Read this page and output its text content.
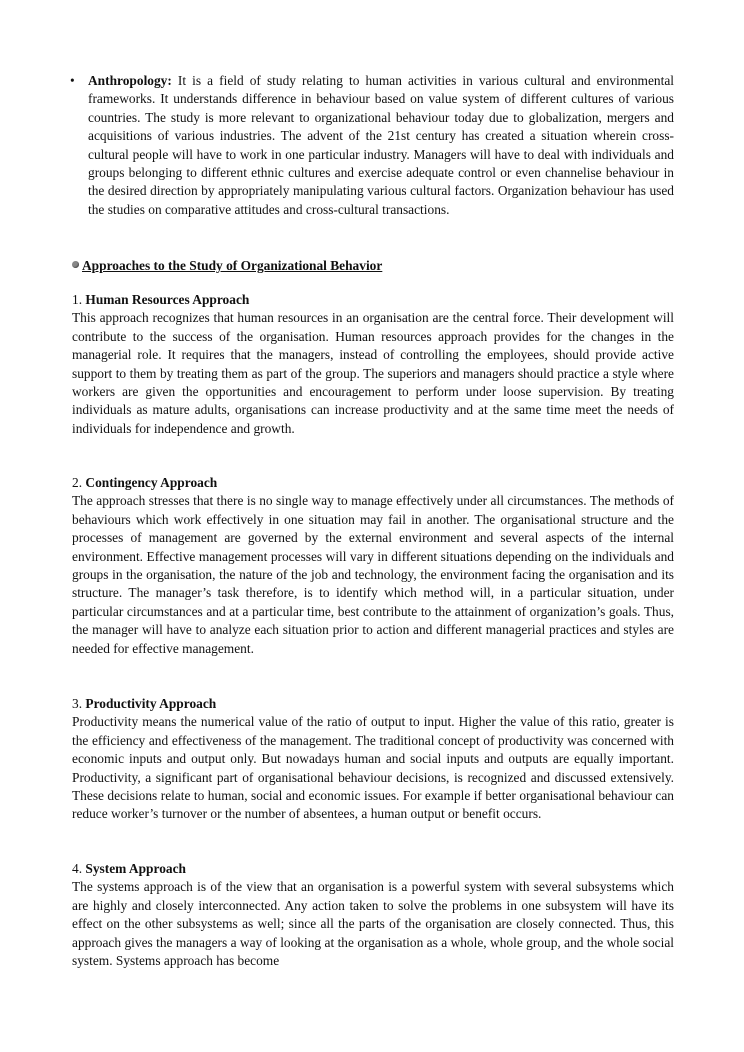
• Anthropology: It is a field of study relating to human activities in various cultural and environmental frameworks. It understands difference in behaviour based on value system of different cultures of various countries. The study is more relevant to organizational behaviour today due to globalization, mergers and acquisitions of various industries. The advent of the 21st century has created a situation wherein cross-cultural people will have to work in one particular industry. Managers will have to deal with individuals and groups belonging to different ethnic cultures and exercise adequate control or even channelise behaviour in the desired direction by appropriately manipulating various cultural factors. Organization behaviour has used the studies on comparative attitudes and cross-cultural transactions.
Approaches to the Study of Organizational Behavior
1. Human Resources Approach
This approach recognizes that human resources in an organisation are the central force. Their development will contribute to the success of the organisation. Human resources approach provides for the changes in the managerial role. It requires that the managers, instead of controlling the employees, should provide active support to them by treating them as part of the group. The superiors and managers should practice a style where workers are given the opportunities and encouragement to perform under loose supervision. By treating individuals as mature adults, organisations can increase productivity and at the same time meet the needs of individuals for independence and growth.
2. Contingency Approach
The approach stresses that there is no single way to manage effectively under all circumstances. The methods of behaviours which work effectively in one situation may fail in another. The organisational structure and the processes of management are governed by the external environment and several aspects of the internal environment. Effective management processes will vary in different situations depending on the individuals and groups in the organisation, the nature of the job and technology, the environment facing the organisation and its structure. The manager’s task therefore, is to identify which method will, in a particular situation, under particular circumstances and at a particular time, best contribute to the attainment of organization’s goals. Thus, the manager will have to analyze each situation prior to action and different managerial practices and styles are needed for effective management.
3. Productivity Approach
Productivity means the numerical value of the ratio of output to input. Higher the value of this ratio, greater is the efficiency and effectiveness of the management. The traditional concept of productivity was concerned with economic inputs and output only. But nowadays human and social inputs and outputs are equally important. Productivity, a significant part of organisational behaviour decisions, is recognized and discussed extensively. These decisions relate to human, social and economic issues. For example if better organisational behaviour can reduce worker’s turnover or the number of absentees, a human output or benefit occurs.
4. System Approach
The systems approach is of the view that an organisation is a powerful system with several subsystems which are highly and closely interconnected. Any action taken to solve the problems in one subsystem will have its effect on the other subsystems as well; since all the parts of the organisation are closely connected. Thus, this approach gives the managers a way of looking at the organisation as a whole, whole group, and the whole social system. Systems approach has become
